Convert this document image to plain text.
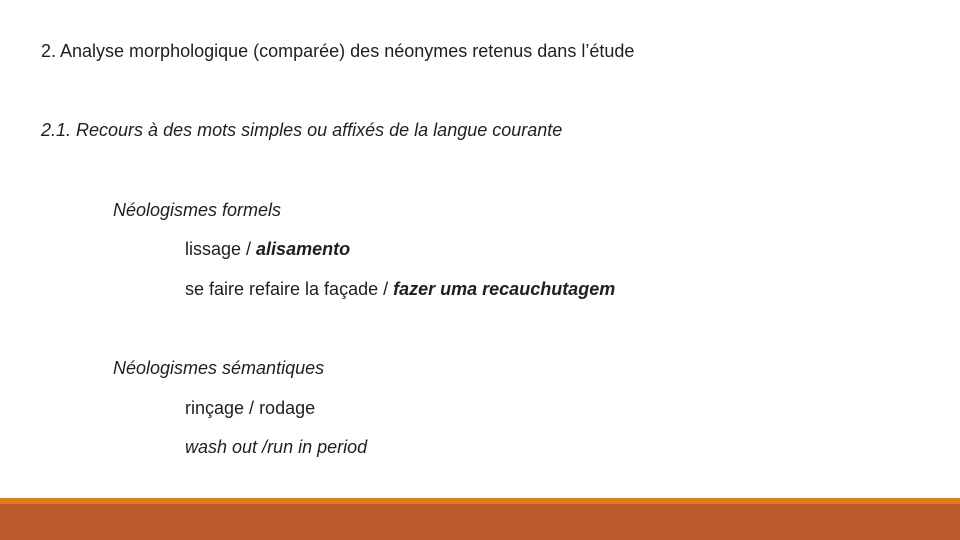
2. Analyse morphologique (comparée) des néonymes retenus dans l’étude

2.1. Recours à des mots simples ou affixés de la langue courante

Néologismes formels

lissage / alisamento

se faire refaire la façade / fazer uma recauchutagem

Néologismes sémantiques

rinçage / rodage

wash out /run in period
